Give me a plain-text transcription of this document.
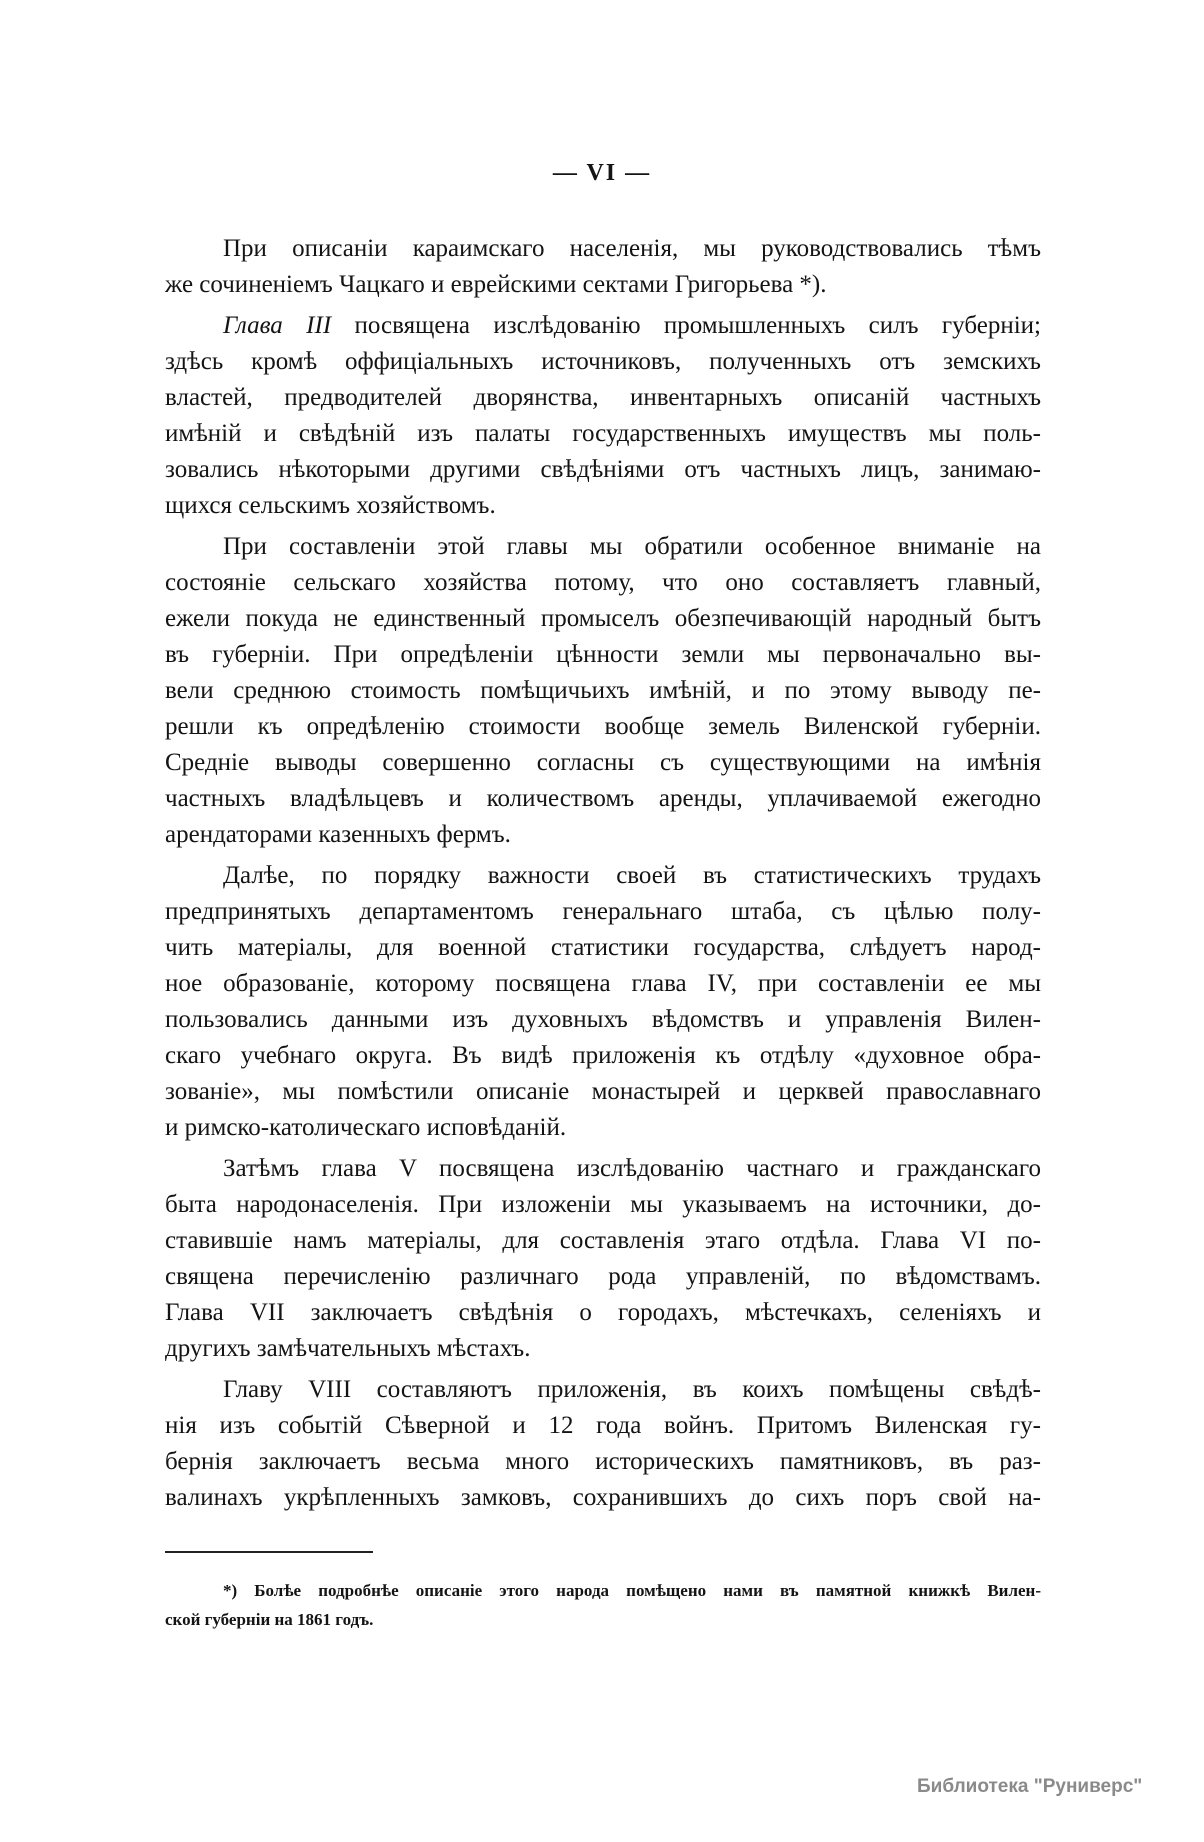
— VI —
При описанiи караимскаго населенiя, мы руководствовались тѣмъ
же сочиненiемъ Чацкаго и еврейскими сектами Григорьева *).
Глава III посвящена изслѣдованiю промышленныхъ силъ губернiи;
здѣсь кромѣ оффицiальныхъ источниковъ, полученныхъ отъ земскихъ
властей, предводителей дворянства, инвентарныхъ описанiй частныхъ
имѣнiй и свѣдѣнiй изъ палаты государственныхъ имуществъ мы поль-
зовались нѣкоторыми другими свѣдѣнiями отъ частныхъ лицъ, занимаю-
щихся сельскимъ хозяйствомъ.
При составленiи этой главы мы обратили особенное вниманiе на
состоянiе сельскаго хозяйства потому, что оно составляетъ главный,
ежели покуда не единственный промыселъ обезпечивающiй народный бытъ
въ губернiи. При опредѣленiи цѣнности земли мы первоначально вы-
вели среднюю стоимость помѣщичьихъ имѣнiй, и по этому выводу пе-
решли къ опредѣленiю стоимости вообще земель Виленской губернiи.
Среднiе выводы совершенно согласны съ существующими на имѣнiя
частныхъ владѣльцевъ и количествомъ аренды, уплачиваемой ежегодно
арендаторами казенныхъ фермъ.
Далѣе, по порядку важности своей въ статистическихъ трудахъ
предпринятыхъ департаментомъ генеральнаго штаба, съ цѣлью полу-
чить матерiалы, для военной статистики государства, слѣдуетъ народ-
ное образованiе, которому посвящена глава IV, при составленiи ее мы
пользовались данными изъ духовныхъ вѣдомствъ и управленiя Вилен-
скаго учебнаго округа. Въ видѣ приложенiя къ отдѣлу «духовное обра-
зованiе», мы помѣстили описанiе монастырей и церквей православнаго
и римско-католическаго исповѣданiй.
Затѣмъ глава V посвящена изслѣдованiю частнаго и гражданскаго
быта народонаселенiя. При изложенiи мы указываемъ на источники, до-
ставившiе намъ матерiалы, для составленiя этаго отдѣла. Глава VI по-
священа перечисленiю различнаго рода управленiй, по вѣдомствамъ.
Глава VII заключаетъ свѣдѣнiя о городахъ, мѣстечкахъ, селенiяхъ и
другихъ замѣчательныхъ мѣстахъ.
Главу VIII составляютъ приложенiя, въ коихъ помѣщены свѣдѣ-
нiя изъ событiй Сѣверной и 12 года войнъ. Притомъ Виленская гу-
бернiя заключаетъ весьма много историческихъ памятниковъ, въ раз-
валинахъ укрѣпленныхъ замковъ, сохранившихъ до сихъ поръ свой на-
*) Болѣе подробнѣе описанiе этого народа помѣщено нами въ памятной книжкѣ Вилен-
ской губернiи на 1861 годъ.
Библиотека "Руниверс"
